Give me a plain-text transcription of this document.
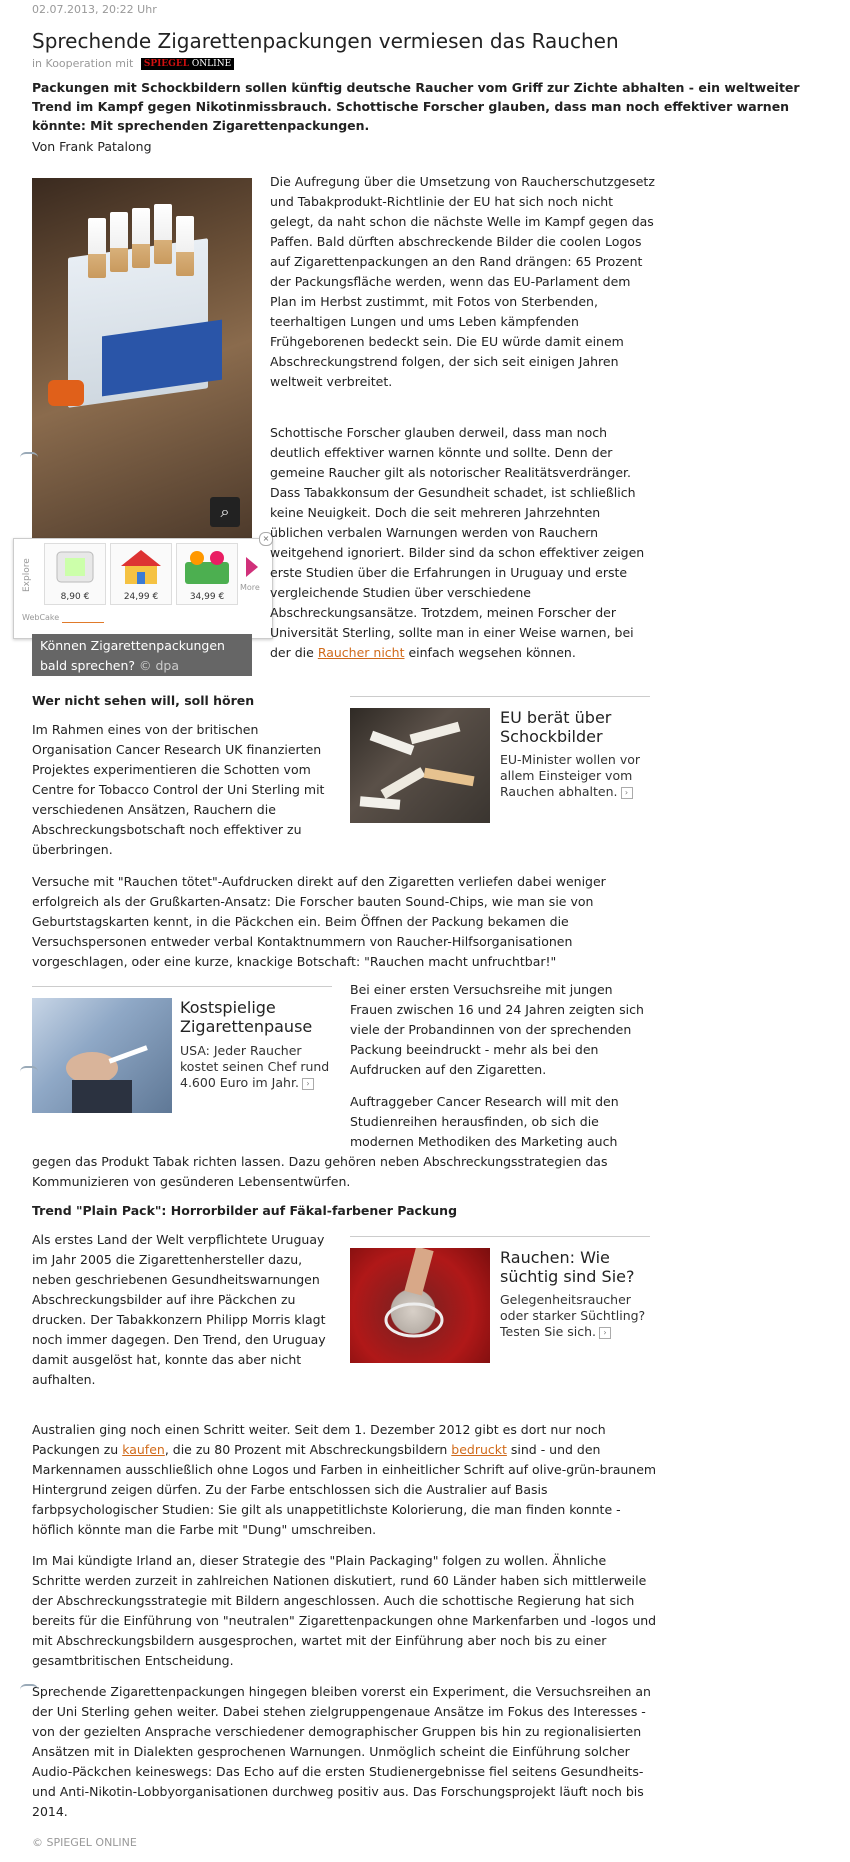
02.07.2013, 20:22 Uhr
Sprechende Zigarettenpackungen vermiesen das Rauchen
in Kooperation mit SPIEGEL ONLINE
Packungen mit Schockbildern sollen künftig deutsche Raucher vom Griff zur Zichte abhalten - ein weltweiter Trend im Kampf gegen Nikotinmissbrauch. Schottische Forscher glauben, dass man noch effektiver warnen könnte: Mit sprechenden Zigarettenpackungen.
Von Frank Patalong
⌕
Explore
8,90 €	24,99 €	34,99 €
More
WebCake
×
Können Zigarettenpackungen bald sprechen? © dpa

Die Aufregung über die Umsetzung von Raucherschutzgesetz und Tabakprodukt-Richtlinie der EU hat sich noch nicht gelegt, da naht schon die nächste Welle im Kampf gegen das Paffen. Bald dürften abschreckende Bilder die coolen Logos auf Zigarettenpackungen an den Rand drängen: 65 Prozent der Packungsfläche werden, wenn das EU-Parlament dem Plan im Herbst zustimmt, mit Fotos von Sterbenden, teerhaltigen Lungen und ums Leben kämpfenden Frühgeborenen bedeckt sein. Die EU würde damit einem Abschreckungstrend folgen, der sich seit einigen Jahren weltweit verbreitet.

Schottische Forscher glauben derweil, dass man noch deutlich effektiver warnen könnte und sollte. Denn der gemeine Raucher gilt als notorischer Realitätsverdränger. Dass Tabakkonsum der Gesundheit schadet, ist schließlich keine Neuigkeit. Doch die seit mehreren Jahrzehnten üblichen verbalen Warnungen werden von Rauchern weitgehend ignoriert. Bilder sind da schon effektiver zeigen erste Studien über die Erfahrungen in Uruguay und erste vergleichende Studien über verschiedene Abschreckungsansätze. Trotzdem, meinen Forscher der Universität Sterling, sollte man in einer Weise warnen, bei der die Raucher nicht einfach wegsehen können.

Wer nicht sehen will, soll hören
EU berät über Schockbilder
EU-Minister wollen vor allem Einsteiger vom Rauchen abhalten. ›

Im Rahmen eines von der britischen Organisation Cancer Research UK finanzierten Projektes experimentieren die Schotten vom Centre for Tobacco Control der Uni Sterling mit verschiedenen Ansätzen, Rauchern die Abschreckungsbotschaft noch effektiver zu überbringen.

Versuche mit "Rauchen tötet"-Aufdrucken direkt auf den Zigaretten verliefen dabei weniger erfolgreich als der Grußkarten-Ansatz: Die Forscher bauten Sound-Chips, wie man sie von Geburtstagskarten kennt, in die Päckchen ein. Beim Öffnen der Packung bekamen die Versuchspersonen entweder verbal Kontaktnummern von Raucher-Hilfsorganisationen vorgeschlagen, oder eine kurze, knackige Botschaft: "Rauchen macht unfruchtbar!"

Kostspielige Zigarettenpause
USA: Jeder Raucher kostet seinen Chef rund 4.600 Euro im Jahr. ›

Bei einer ersten Versuchsreihe mit jungen Frauen zwischen 16 und 24 Jahren zeigten sich viele der Probandinnen von der sprechenden Packung beeindruckt - mehr als bei den Aufdrucken auf den Zigaretten.

Auftraggeber Cancer Research will mit den Studienreihen herausfinden, ob sich die modernen Methodiken des Marketing auch

gegen das Produkt Tabak richten lassen. Dazu gehören neben Abschreckungsstrategien das Kommunizieren von gesünderen Lebensentwürfen.

Trend "Plain Pack": Horrorbilder auf Fäkal-farbener Packung
Rauchen: Wie süchtig sind Sie?
Gelegenheitsraucher oder starker Süchtling? Testen Sie sich. ›

Als erstes Land der Welt verpflichtete Uruguay im Jahr 2005 die Zigarettenhersteller dazu, neben geschriebenen Gesundheitswarnungen Abschreckungsbilder auf ihre Päckchen zu drucken. Der Tabakkonzern Philipp Morris klagt noch immer dagegen. Den Trend, den Uruguay damit ausgelöst hat, konnte das aber nicht aufhalten.

Australien ging noch einen Schritt weiter. Seit dem 1. Dezember 2012 gibt es dort nur noch Packungen zu kaufen, die zu 80 Prozent mit Abschreckungsbildern bedruckt sind - und den Markennamen ausschließlich ohne Logos und Farben in einheitlicher Schrift auf olive-grün-braunem Hintergrund zeigen dürfen. Zu der Farbe entschlossen sich die Australier auf Basis farbpsychologischer Studien: Sie gilt als unappetitlichste Kolorierung, die man finden konnte - höflich könnte man die Farbe mit "Dung" umschreiben.

Im Mai kündigte Irland an, dieser Strategie des "Plain Packaging" folgen zu wollen. Ähnliche Schritte werden zurzeit in zahlreichen Nationen diskutiert, rund 60 Länder haben sich mittlerweile der Abschreckungsstrategie mit Bildern angeschlossen. Auch die schottische Regierung hat sich bereits für die Einführung von "neutralen" Zigarettenpackungen ohne Markenfarben und -logos und mit Abschreckungsbildern ausgesprochen, wartet mit der Einführung aber noch bis zu einer gesamtbritischen Entscheidung.

Sprechende Zigarettenpackungen hingegen bleiben vorerst ein Experiment, die Versuchsreihen an der Uni Sterling gehen weiter. Dabei stehen zielgruppengenaue Ansätze im Fokus des Interesses - von der gezielten Ansprache verschiedener demographischer Gruppen bis hin zu regionalisierten Ansätzen mit in Dialekten gesprochenen Warnungen. Unmöglich scheint die Einführung solcher Audio-Päckchen keineswegs: Das Echo auf die ersten Studienergebnisse fiel seitens Gesundheits- und Anti-Nikotin-Lobbyorganisationen durchweg positiv aus. Das Forschungsprojekt läuft noch bis 2014.

© SPIEGEL ONLINE
